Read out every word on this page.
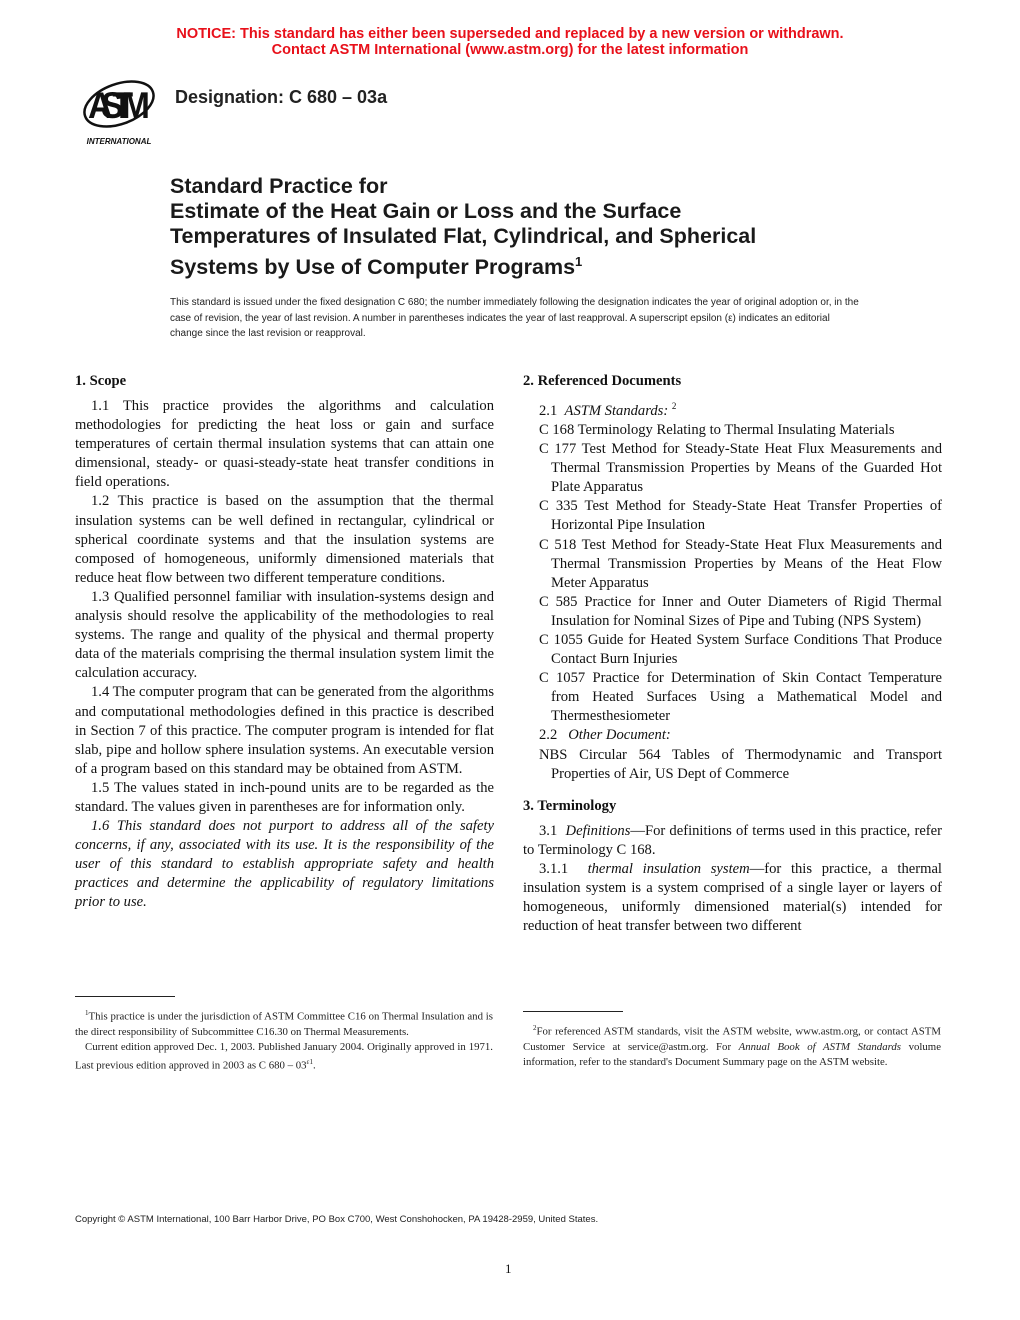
NOTICE: This standard has either been superseded and replaced by a new version or withdrawn.
Contact ASTM International (www.astm.org) for the latest information
ASTM
INTERNATIONAL
Designation: C 680 – 03a
Standard Practice for
Estimate of the Heat Gain or Loss and the Surface
Temperatures of Insulated Flat, Cylindrical, and Spherical
Systems by Use of Computer Programs$^1$
This standard is issued under the fixed designation C 680; the number immediately following the designation indicates the year of original adoption or, in the case of revision, the year of last revision. A number in parentheses indicates the year of last reapproval. A superscript epsilon (ε) indicates an editorial change since the last revision or reapproval.
1. Scope

1.1 This practice provides the algorithms and calculation methodologies for predicting the heat loss or gain and surface temperatures of certain thermal insulation systems that can attain one dimensional, steady- or quasi-steady-state heat transfer conditions in field operations.

1.2 This practice is based on the assumption that the thermal insulation systems can be well defined in rectangular, cylindrical or spherical coordinate systems and that the insulation systems are composed of homogeneous, uniformly dimensioned materials that reduce heat flow between two different temperature conditions.

1.3 Qualified personnel familiar with insulation-systems design and analysis should resolve the applicability of the methodologies to real systems. The range and quality of the physical and thermal property data of the materials comprising the thermal insulation system limit the calculation accuracy.

1.4 The computer program that can be generated from the algorithms and computational methodologies defined in this practice is described in Section 7 of this practice. The computer program is intended for flat slab, pipe and hollow sphere insulation systems. An executable version of a program based on this standard may be obtained from ASTM.

1.5 The values stated in inch-pound units are to be regarded as the standard. The values given in parentheses are for information only.

1.6 This standard does not purport to address all of the safety concerns, if any, associated with its use. It is the responsibility of the user of this standard to establish appropriate safety and health practices and determine the applicability of regulatory limitations prior to use.

2. Referenced Documents

2.1 ASTM Standards: $^2$

C 168 Terminology Relating to Thermal Insulating Materials

C 177 Test Method for Steady-State Heat Flux Measurements and Thermal Transmission Properties by Means of the Guarded Hot Plate Apparatus

C 335 Test Method for Steady-State Heat Transfer Properties of Horizontal Pipe Insulation

C 518 Test Method for Steady-State Heat Flux Measurements and Thermal Transmission Properties by Means of the Heat Flow Meter Apparatus

C 585 Practice for Inner and Outer Diameters of Rigid Thermal Insulation for Nominal Sizes of Pipe and Tubing (NPS System)

C 1055 Guide for Heated System Surface Conditions That Produce Contact Burn Injuries

C 1057 Practice for Determination of Skin Contact Temperature from Heated Surfaces Using a Mathematical Model and Thermesthesiometer

2.2 Other Document:

NBS Circular 564 Tables of Thermodynamic and Transport Properties of Air, US Dept of Commerce

3. Terminology

3.1 Definitions—For definitions of terms used in this practice, refer to Terminology C 168.

3.1.1 thermal insulation system—for this practice, a thermal insulation system is a system comprised of a single layer or layers of homogeneous, uniformly dimensioned material(s) intended for reduction of heat transfer between two different

$^1$This practice is under the jurisdiction of ASTM Committee C16 on Thermal Insulation and is the direct responsibility of Subcommittee C16.30 on Thermal Measurements.

Current edition approved Dec. 1, 2003. Published January 2004. Originally approved in 1971. Last previous edition approved in 2003 as C $680 - 03^{\varepsilon 1}$.

$^2$For referenced ASTM standards, visit the ASTM website, www.astm.org, or contact ASTM Customer Service at service@astm.org. For Annual Book of ASTM Standards volume information, refer to the standard's Document Summary page on the ASTM website.

Copyright © ASTM International, 100 Barr Harbor Drive, PO Box C700, West Conshohocken, PA 19428-2959, United States.
1
